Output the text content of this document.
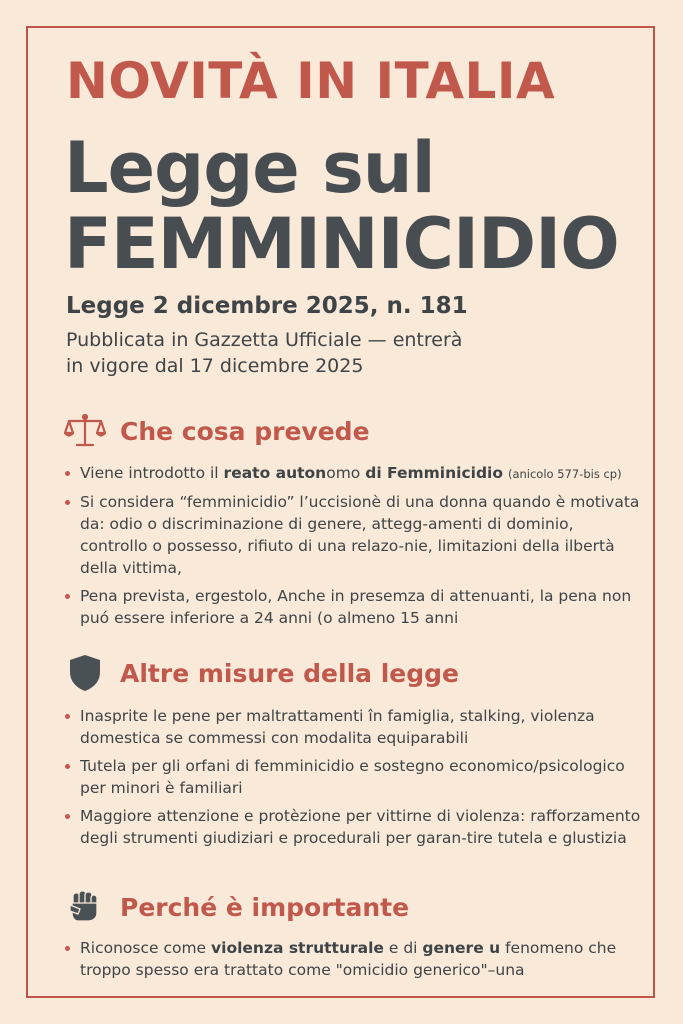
NOVITÀ IN ITALIA
Legge sul
FEMMINICIDIO
Legge 2 dicembre 2025, n. 181
Pubblicata in Gazzetta Ufficiale — entrerà
in vigore dal 17 dicembre 2025
Che cosa prevede
Viene introdotto il reato autonomo di Femminicidio (anicolo 577-bis cp)
Si considera “femminicidio” l’uccisionè di una donna quando è motivata da: odio o discriminazione di genere, attegg-amenti di dominio, controllo o possesso, rifiuto di una relazo-nie, limitazioni della ilbertà della vittima,
Pena prevista, ergestolo, Anche in presemza di attenuanti, la pena non puó essere inferiore a 24 anni (o almeno 15 anni
Altre misure della legge
Inasprite le pene per maltrattamenti în famiglia, stalking, violenza domestica se commessi con modalita equiparabili
Tutela per gli orfani di femminicidio e sostegno economico/psicologico per minori è familiari
Maggiore attenzione e protèzione per vittirne di violenza: rafforzamento degli strumenti giudiziari e procedurali per garan-tire tutela e glustizia
Perché è importante
Riconosce come violenza strutturale e di genere u fenomeno che troppo spesso era trattato come "omicidio generico"–una
